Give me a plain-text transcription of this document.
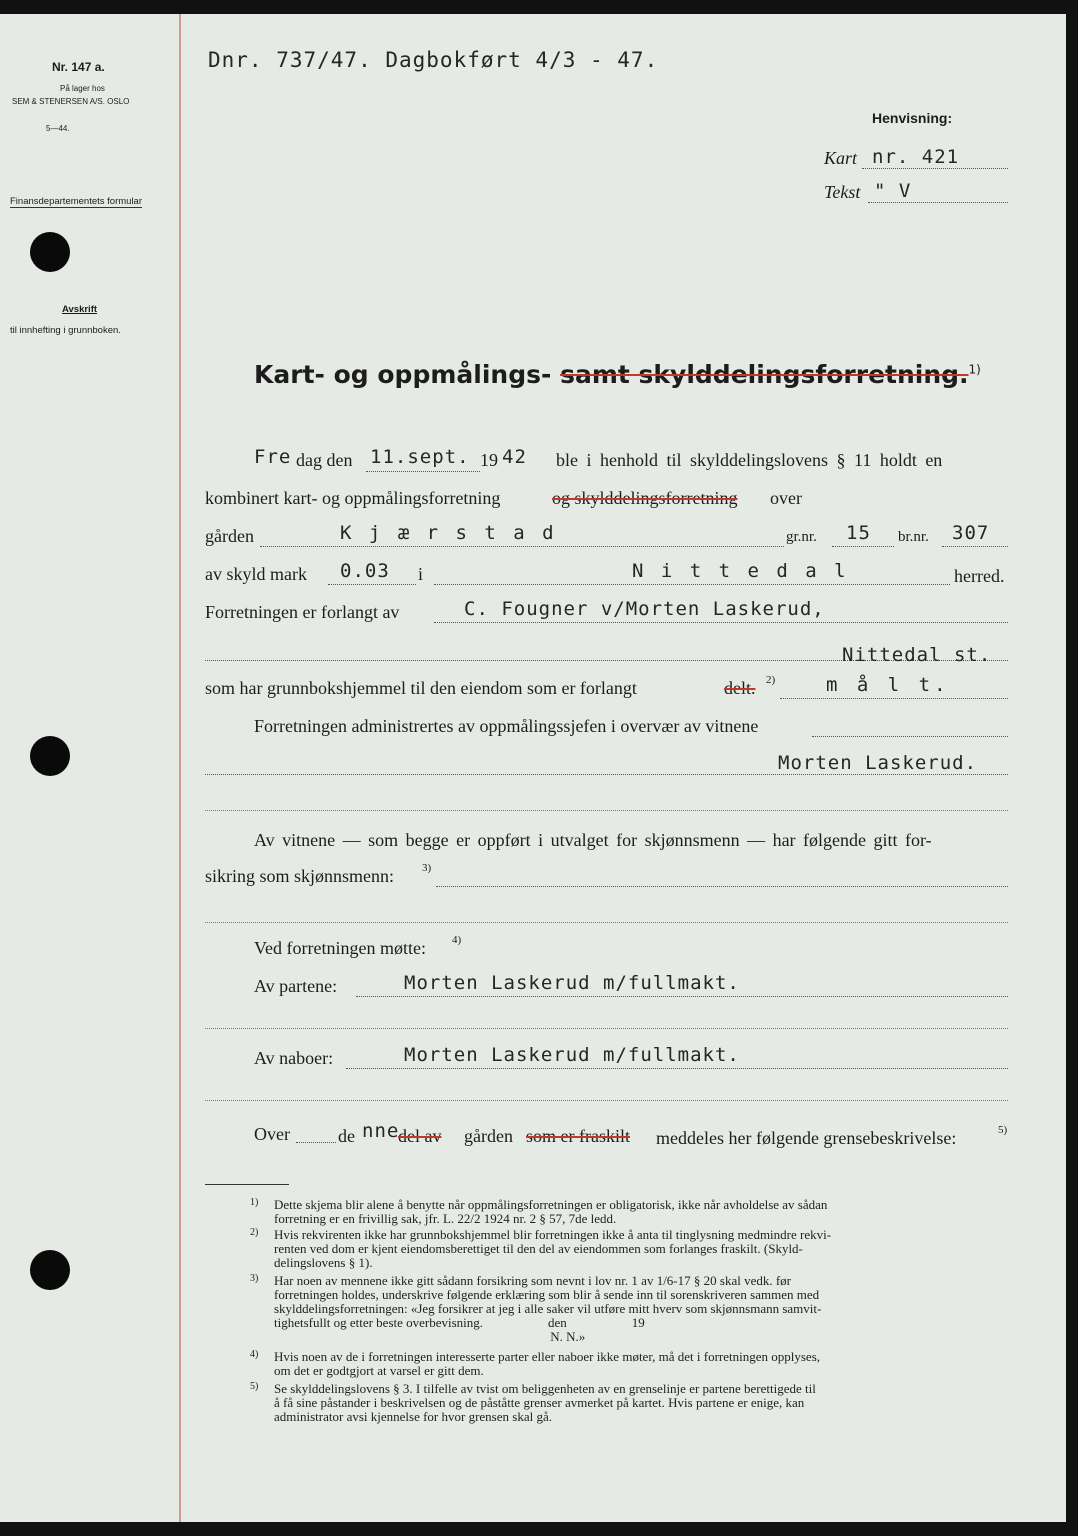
Nr. 147 a.
På lager hos
SEM & STENERSEN A/S. OSLO
5—44.
Finansdepartementets formular
Avskrift
til innhefting i grunnboken.
Dnr. 737/47. Dagbokført 4/3 - 47.
Henvisning:
Kart nr. 421
Tekst " V
Kart- og oppmålings- samt skylddelingsforretning.$^{1)}$
Fre dag den 11.sept. 19 42 ble i henhold til skylddelingslovens § 11 holdt en
kombinert kart- og oppmålingsforretning	og skylddelingsforretning over
gården	K j æ r s t a d	gr.nr. 15 br.nr. 307
av skyld mark 0.03 i	N i t t e d a l	herred.
Forretningen er forlangt av	C. Fougner v/Morten Laskerud,
Nittedal st.
som har grunnbokshjemmel til den eiendom som er forlangt	delt. 2)	m å l t.
Forretningen administrertes av oppmålingssjefen i overvær av vitnene
Morten Laskerud.
Av vitnene — som begge er oppført i utvalget for skjønnsmenn — har følgende gitt for-
sikring som skjønnsmenn:	3)
Ved forretningen møtte: 4)
Av partene:	Morten Laskerud m/fullmakt.
Av naboer:	Morten Laskerud m/fullmakt.
Over	de nne
del av gården som er fraskilt meddeles her følgende grensebeskrivelse:	5)
1) Dette skjema blir alene å benytte når oppmålingsforretningen er obligatorisk, ikke når avholdelse av sådan
forretning er en frivillig sak, jfr. L. 22/2 1924 nr. 2 § 57, 7de ledd.
2) Hvis rekvirenten ikke har grunnbokshjemmel blir forretningen ikke å anta til tinglysning medmindre rekvi-
renten ved dom er kjent eiendomsberettiget til den del av eiendommen som forlanges fraskilt. (Skyld-
delingslovens § 1).
3) Har noen av mennene ikke gitt sådann forsikring som nevnt i lov nr. 1 av 1/6-17 § 20 skal vedk. før
forretningen holdes, underskrive følgende erklæring som blir å sende inn til sorenskriveren sammen med
skylddelingsforretningen: «Jeg forsikrer at jeg i alle saker vil utføre mitt hverv som skjønnsmann samvit-
tighetsfullt og etter beste overbevisning.                    den                    19
N. N.»
4) Hvis noen av de i forretningen interesserte parter eller naboer ikke møter, må det i forretningen opplyses,
om det er godtgjort at varsel er gitt dem.
5) Se skylddelingslovens § 3. I tilfelle av tvist om beliggenheten av en grenselinje er partene berettigede til
å få sine påstander i beskrivelsen og de påståtte grenser avmerket på kartet. Hvis partene er enige, kan
administrator avsi kjennelse for hvor grensen skal gå.
